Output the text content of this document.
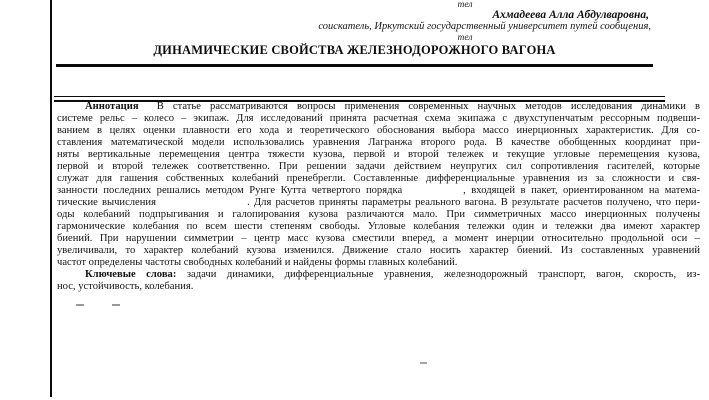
тел
Ахмадеева Алла Абдулваровна,
соискатель, Иркутский государственный университет путей сообщения,
тел
ДИНАМИЧЕСКИЕ СВОЙСТВА ЖЕЛЕЗНОДОРОЖНОГО ВАГОНА
Аннотация  В статье рассматриваются вопросы применения современных научных методов исследования динамики в
системе рельс – колесо – экипаж. Для исследований принята расчетная схема экипажа с двухступенчатым рессорным подвеши-
ванием в целях оценки плавности его хода и теоретического обоснования выбора массо инерционных характеристик. Для со-
ставления математической модели использовались уравнения Лагранжа второго рода. В качестве обобщенных координат при-
няты вертикальные перемещения центра тяжести кузова, первой и второй тележек и текущие угловые перемещения кузова,
первой и второй тележек соответственно. При решении задачи действием неупругих сил сопротивления гасителей, которые
служат для гашения собственных колебаний пренебрегли. Составленные дифференциальные уравнения из за сложности и свя-
занности последних решались методом Рунге Кутта четвертого порядка           , входящей в пакет, ориентированном на матема-
тические вычисления                      . Для расчетов приняты параметры реального вагона. В результате расчетов получено, что пери-
оды колебаний подпрыгивания и галопирования кузова различаются мало. При симметричных массо инерционных получены
гармонические колебания по всем шести степеням свободы. Угловые колебания тележки один и тележки два имеют характер
биений. При нарушении симметрии – центр масс кузова сместили вперед, а момент инерции относительно продольной оси –
увеличивали, то характер колебаний кузова изменился. Движение стало носить характер биений. Из составленных уравнений
частот определены частоты свободных колебаний и найдены формы главных колебаний.
Ключевые слова: задачи динамики, дифференциальные уравнения, железнодорожный транспорт, вагон, скорость, из-
нос, устойчивость, колебания.
